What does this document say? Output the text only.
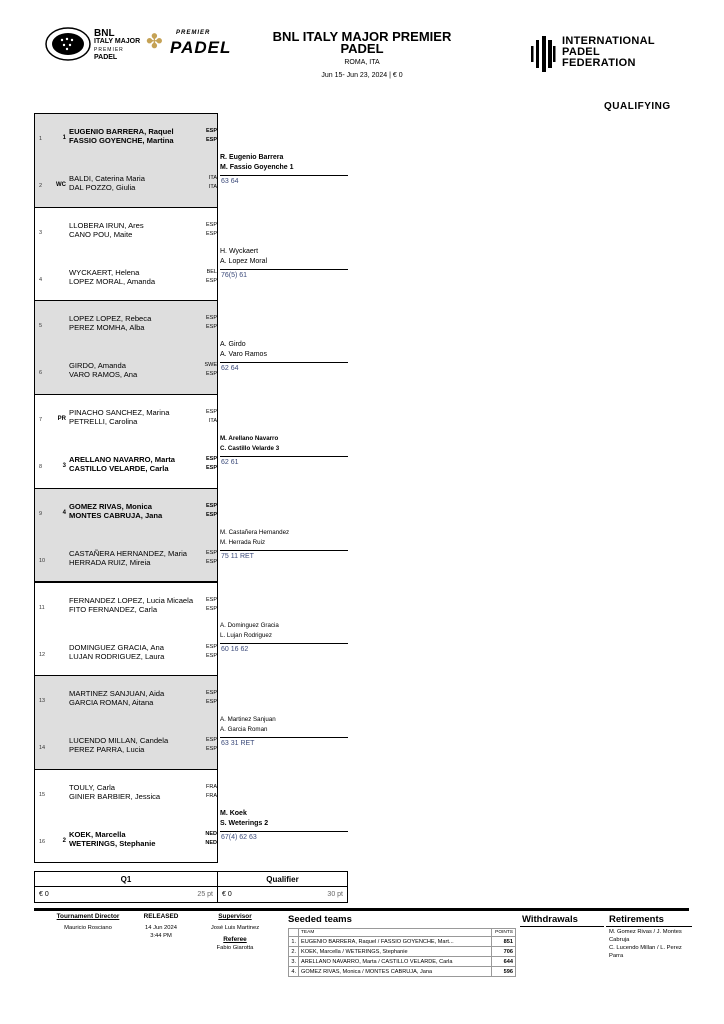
BNL
ITALY MAJOR
PREMIER
PADEL
✤ PREMIER
PADEL
BNL ITALY MAJOR PREMIER PADEL
ROMA, ITA
Jun 15- Jun 23, 2024 | € 0
INTERNATIONAL
PADEL
FEDERATION
QUALIFYING
1	1
EUGENIO BARRERA, Raquel	ESP
FASSIO GOYENCHE, Martina	ESP
2 WC
BALDI, Caterina Maria	ITA
DAL POZZO, Giulia	ITA
R. Eugenio Barrera
M. Fassio Goyenche 1
63 64
3
LLOBERA IRUN, Ares	ESP
CANO POU, Maite	ESP
4
WYCKAERT, Helena	BEL
LOPEZ MORAL, Amanda	ESP
H. Wyckaert
A. Lopez Moral
76(5) 61
5
LOPEZ LOPEZ, Rebeca	ESP
PEREZ MOMHA, Alba	ESP
6
GIRDO, Amanda	SWE
VARO RAMOS, Ana	ESP
A. Girdo
A. Varo Ramos
62 64
7	PR
PINACHO SANCHEZ, Marina	ESP
PETRELLI, Carolina	ITA
8	3
ARELLANO NAVARRO, Marta	ESP
CASTILLO VELARDE, Carla	ESP
M. Arellano Navarro
C. Castillo Velarde 3
62 61
9	4
GOMEZ RIVAS, Monica	ESP
MONTES CABRUJA, Jana	ESP
10
CASTAÑERA HERNANDEZ, Maria	ESP
HERRADA RUIZ, Mireia	ESP
M. Castañera Hernandez
M. Herrada Ruiz
75 11 RET
11
FERNANDEZ LOPEZ, Lucia Micaela ESP
FITO FERNANDEZ, Carla	ESP
12
DOMINGUEZ GRACIA, Ana	ESP
LUJAN RODRIGUEZ, Laura	ESP
A. Dominguez Gracia
L. Lujan Rodriguez
60 16 62
13
MARTINEZ SANJUAN, Aida	ESP
GARCIA ROMAN, Aitana	ESP
14
LUCENDO MILLAN, Candela	ESP
PEREZ PARRA, Lucia	ESP
A. Martinez Sanjuan
A. Garcia Roman
63 31 RET
15
TOULY, Carla	FRA
GINIER BARBIER, Jessica	FRA
16	2
KOEK, Marcella	NED
WETERINGS, Stephanie	NED
M. Koek
S. Weterings 2
67(4) 62 63
Q1
€ 0	25 pt
Qualifier
€ 0	30 pt
Tournament Director
Mauricio Rosciano
RELEASED
14 Jun 2024
3:44 PM
Supervisor
José Luis Martinez
Referee
Fabio Giarotta
Seeded teams
	TEAM	POINTS
1.	EUGENIO BARRERA, Raquel / FASSIO GOYENCHE, Mart...	851
2.	KOEK, Marcella / WETERINGS, Stephanie	706
3.	ARELLANO NAVARRO, Marta / CASTILLO VELARDE, Carla	644
4.	GOMEZ RIVAS, Monica / MONTES CABRUJA, Jana	596
Withdrawals	Retirements
M. Gomez Rivas / J. Montes Cabruja
C. Lucendo Millan / L. Perez Parra
